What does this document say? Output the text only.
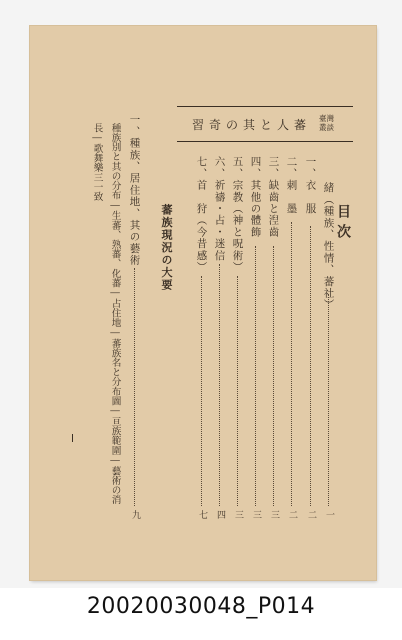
目次
蕃人と其の奇習 臺灣
叢談
緒（種族、性情、蕃社）
一
一、衣　服
二
二、刺　墨
二
三、缺齒と湼齒
三
四、其他の體飾
三
五、宗教（神と呪術）
三
六、祈禱・占・迷信
四
七、首　狩（今昔感）
七
蕃族現況の大要
一、種族、居住地、其の藝術
種族別と其の分布―生蕃、熟蕃、化蕃―占住地―蕃族名と分布圖―亘族範圍―藝術の消
長―歌舞樂三一致
九
20020030048_P014
